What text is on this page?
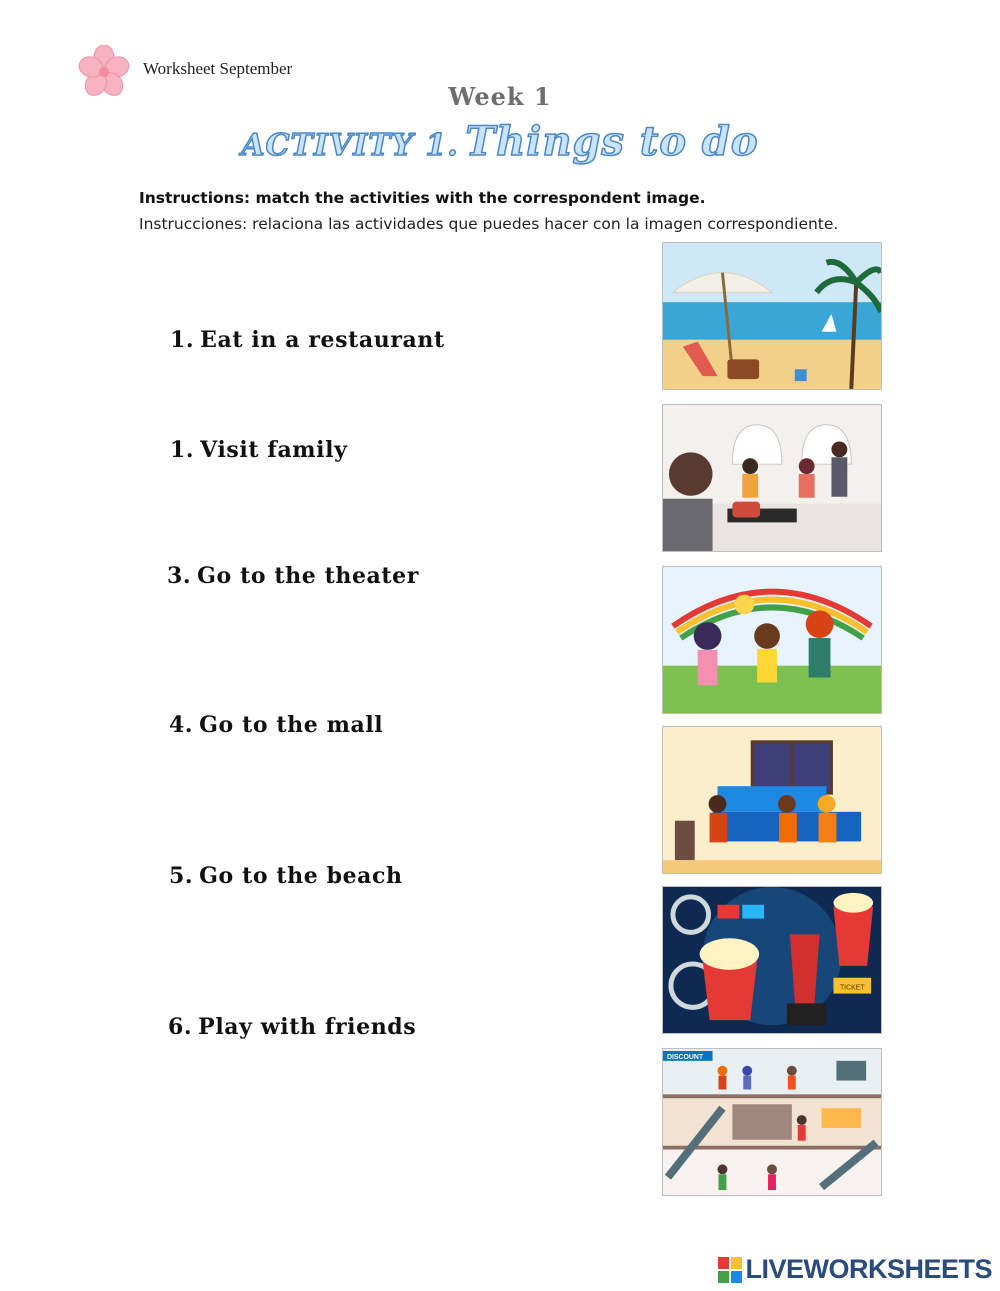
Worksheet September
Week 1
ACTIVITY 1. Things to do
Instructions: match the activities with the correspondent image.
Instrucciones: relaciona las actividades que puedes hacer con la imagen correspondiente.
1. Eat in a restaurant
1. Visit family
3. Go to the theater
4. Go to the mall
5. Go to the beach
6. Play with friends
TICKET
DISCOUNT
LIVEWORKSHEETS
